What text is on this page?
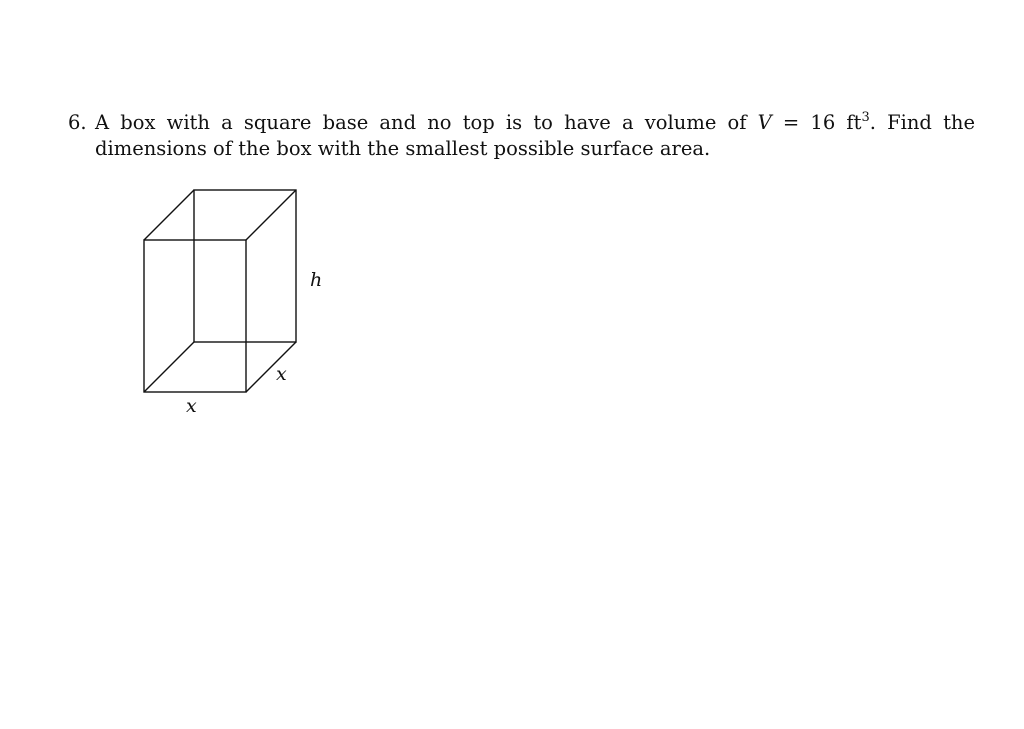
6. A box with a square base and no top is to have a volume of V = 16 $ft^3$. Find the dimensions of the box with the smallest possible surface area.
h
x
x
